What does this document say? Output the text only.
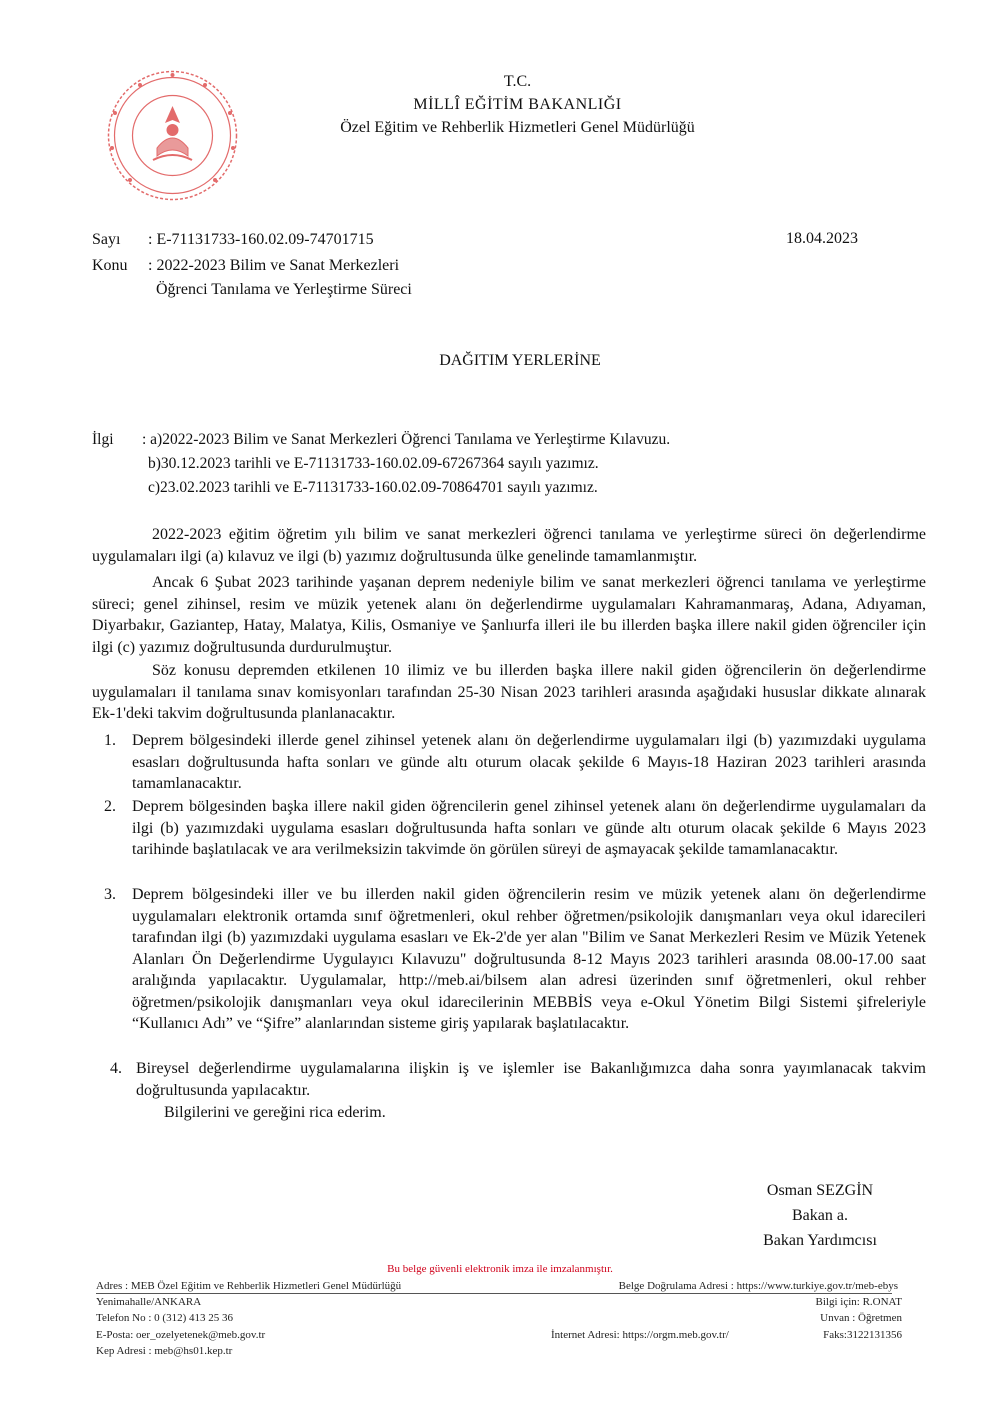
T.C.
MİLLÎ EĞİTİM BAKANLIĞI
Özel Eğitim ve Rehberlik Hizmetleri Genel Müdürlüğü
Sayı : E-71131733-160.02.09-74701715
Konu : 2022-2023 Bilim ve Sanat Merkezleri
Öğrenci Tanılama ve Yerleştirme Süreci
18.04.2023
DAĞITIM YERLERİNE
İlgi : a)2022-2023 Bilim ve Sanat Merkezleri Öğrenci Tanılama ve Yerleştirme Kılavuzu.
b)30.12.2023 tarihli ve E-71131733-160.02.09-67267364 sayılı yazımız.
c)23.02.2023 tarihli ve E-71131733-160.02.09-70864701 sayılı yazımız.

2022-2023 eğitim öğretim yılı bilim ve sanat merkezleri öğrenci tanılama ve yerleştirme süreci ön değerlendirme uygulamaları ilgi (a) kılavuz ve ilgi (b) yazımız doğrultusunda ülke genelinde tamamlanmıştır.

Ancak 6 Şubat 2023 tarihinde yaşanan deprem nedeniyle bilim ve sanat merkezleri öğrenci tanılama ve yerleştirme süreci; genel zihinsel, resim ve müzik yetenek alanı ön değerlendirme uygulamaları Kahramanmaraş, Adana, Adıyaman, Diyarbakır, Gaziantep, Hatay, Malatya, Kilis, Osmaniye ve Şanlıurfa illeri ile bu illerden başka illere nakil giden öğrenciler için ilgi (c) yazımız doğrultusunda durdurulmuştur.

Söz konusu depremden etkilenen 10 ilimiz ve bu illerden başka illere nakil giden öğrencilerin ön değerlendirme uygulamaları il tanılama sınav komisyonları tarafından 25-30 Nisan 2023 tarihleri arasında aşağıdaki hususlar dikkate alınarak Ek-1'deki takvim doğrultusunda planlanacaktır.

1. Deprem bölgesindeki illerde genel zihinsel yetenek alanı ön değerlendirme uygulamaları ilgi (b) yazımızdaki uygulama esasları doğrultusunda hafta sonları ve günde altı oturum olacak şekilde 6 Mayıs-18 Haziran 2023 tarihleri arasında tamamlanacaktır.
2. Deprem bölgesinden başka illere nakil giden öğrencilerin genel zihinsel yetenek alanı ön değerlendirme uygulamaları da ilgi (b) yazımızdaki uygulama esasları doğrultusunda hafta sonları ve günde altı oturum olacak şekilde 6 Mayıs 2023 tarihinde başlatılacak ve ara verilmeksizin takvimde ön görülen süreyi de aşmayacak şekilde tamamlanacaktır.
3. Deprem bölgesindeki iller ve bu illerden nakil giden öğrencilerin resim ve müzik yetenek alanı ön değerlendirme uygulamaları elektronik ortamda sınıf öğretmenleri, okul rehber öğretmen/psikolojik danışmanları veya okul idarecileri tarafından ilgi (b) yazımızdaki uygulama esasları ve Ek-2'de yer alan "Bilim ve Sanat Merkezleri Resim ve Müzik Yetenek Alanları Ön Değerlendirme Uygulayıcı Kılavuzu" doğrultusunda 8-12 Mayıs 2023 tarihleri arasında 08.00-17.00 saat aralığında yapılacaktır. Uygulamalar, http://meb.ai/bilsem alan adresi üzerinden sınıf öğretmenleri, okul rehber öğretmen/psikolojik danışmanları veya okul idarecilerinin MEBBİS veya e-Okul Yönetim Bilgi Sistemi şifreleriyle “Kullanıcı Adı” ve “Şifre” alanlarından sisteme giriş yapılarak başlatılacaktır.
4. Bireysel değerlendirme uygulamalarına ilişkin iş ve işlemler ise Bakanlığımızca daha sonra yayımlanacak takvim doğrultusunda yapılacaktır.
Bilgilerini ve gereğini rica ederim.
Osman SEZGİN
Bakan a.
Bakan Yardımcısı
Bu belge güvenli elektronik imza ile imzalanmıştır.
Adres : MEB Özel Eğitim ve Rehberlik Hizmetleri Genel Müdürlüğü	Belge Doğrulama Adresi : https://www.turkiye.gov.tr/meb-ebys
Yenimahalle/ANKARA	Bilgi için: R.ONAT
Telefon No : 0 (312) 413 25 36	Unvan : Öğretmen
E-Posta: oer_ozelyetenek@meb.gov.tr	İnternet Adresi: https://orgm.meb.gov.tr/	Faks:3122131356
Kep Adresi : meb@hs01.kep.tr
